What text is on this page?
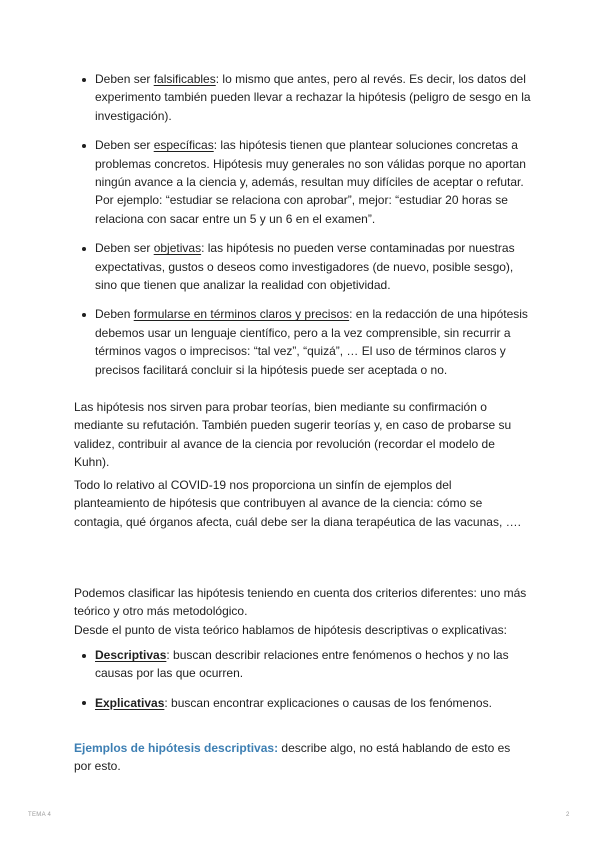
Deben ser falsificables: lo mismo que antes, pero al revés. Es decir, los datos del experimento también pueden llevar a rechazar la hipótesis (peligro de sesgo en la investigación).
Deben ser específicas: las hipótesis tienen que plantear soluciones concretas a problemas concretos. Hipótesis muy generales no son válidas porque no aportan ningún avance a la ciencia y, además, resultan muy difíciles de aceptar o refutar. Por ejemplo: “estudiar se relaciona con aprobar”, mejor: “estudiar 20 horas se relaciona con sacar entre un 5 y un 6 en el examen”.
Deben ser objetivas: las hipótesis no pueden verse contaminadas por nuestras expectativas, gustos o deseos como investigadores (de nuevo, posible sesgo), sino que tienen que analizar la realidad con objetividad.
Deben formularse en términos claros y precisos: en la redacción de una hipótesis debemos usar un lenguaje científico, pero a la vez comprensible, sin recurrir a términos vagos o imprecisos: “tal vez”, “quizá”, … El uso de términos claros y precisos facilitará concluir si la hipótesis puede ser aceptada o no.

Las hipótesis nos sirven para probar teorías, bien mediante su confirmación o mediante su refutación. También pueden sugerir teorías y, en caso de probarse su validez, contribuir al avance de la ciencia por revolución (recordar el modelo de Kuhn).

Todo lo relativo al COVID-19 nos proporciona un sinfín de ejemplos del planteamiento de hipótesis que contribuyen al avance de la ciencia: cómo se contagia, qué órganos afecta, cuál debe ser la diana terapéutica de las vacunas, ….

Podemos clasificar las hipótesis teniendo en cuenta dos criterios diferentes: uno más teórico y otro más metodológico.

Desde el punto de vista teórico hablamos de hipótesis descriptivas o explicativas:

Descriptivas: buscan describir relaciones entre fenómenos o hechos y no las causas por las que ocurren.
Explicativas: buscan encontrar explicaciones o causas de los fenómenos.

Ejemplos de hipótesis descriptivas: describe algo, no está hablando de esto es por esto.

TEMA 4	2
